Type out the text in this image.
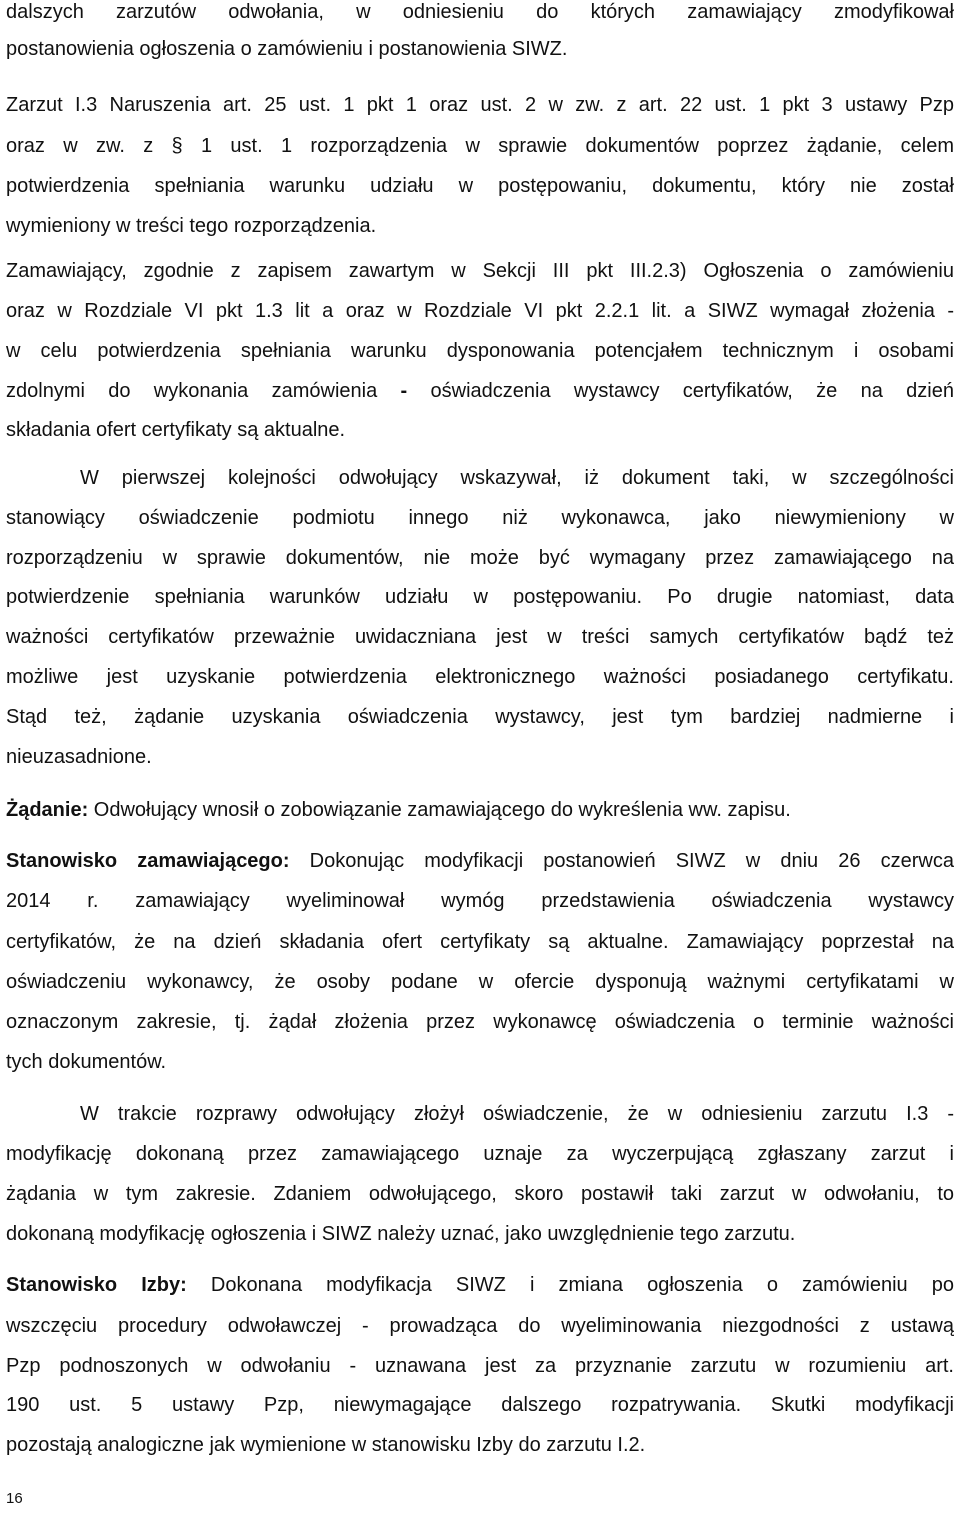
dalszych zarzutów odwołania, w odniesieniu do których zamawiający zmodyfikował
postanowienia ogłoszenia o zamówieniu i postanowienia SIWZ.
Zarzut I.3 Naruszenia art. 25 ust. 1 pkt 1 oraz ust. 2 w zw. z art. 22 ust. 1 pkt 3 ustawy Pzp
oraz w zw. z § 1 ust. 1 rozporządzenia w sprawie dokumentów poprzez żądanie, celem
potwierdzenia spełniania warunku udziału w postępowaniu, dokumentu, który nie został
wymieniony w treści tego rozporządzenia.
Zamawiający, zgodnie z zapisem zawartym w Sekcji III pkt III.2.3) Ogłoszenia o zamówieniu
oraz w Rozdziale VI pkt 1.3 lit a oraz w Rozdziale VI pkt 2.2.1 lit. a SIWZ wymagał złożenia -
w celu potwierdzenia spełniania warunku dysponowania potencjałem technicznym i osobami
zdolnymi do wykonania zamówienia - oświadczenia wystawcy certyfikatów, że na dzień
składania ofert certyfikaty są aktualne.
W pierwszej kolejności odwołujący wskazywał, iż dokument taki, w szczególności
stanowiący oświadczenie podmiotu innego niż wykonawca, jako niewymieniony w
rozporządzeniu w sprawie dokumentów, nie może być wymagany przez zamawiającego na
potwierdzenie spełniania warunków udziału w postępowaniu. Po drugie natomiast, data
ważności certyfikatów przeważnie uwidaczniana jest w treści samych certyfikatów bądź też
możliwe jest uzyskanie potwierdzenia elektronicznego ważności posiadanego certyfikatu.
Stąd też, żądanie uzyskania oświadczenia wystawcy, jest tym bardziej nadmierne i
nieuzasadnione.
Żądanie: Odwołujący wnosił o zobowiązanie zamawiającego do wykreślenia ww. zapisu.
Stanowisko zamawiającego: Dokonując modyfikacji postanowień SIWZ w dniu 26 czerwca
2014 r. zamawiający wyeliminował wymóg przedstawienia oświadczenia wystawcy
certyfikatów, że na dzień składania ofert certyfikaty są aktualne. Zamawiający poprzestał na
oświadczeniu wykonawcy, że osoby podane w ofercie dysponują ważnymi certyfikatami w
oznaczonym zakresie, tj. żądał złożenia przez wykonawcę oświadczenia o terminie ważności
tych dokumentów.
W trakcie rozprawy odwołujący złożył oświadczenie, że w odniesieniu zarzutu I.3 -
modyfikację dokonaną przez zamawiającego uznaje za wyczerpującą zgłaszany zarzut i
żądania w tym zakresie. Zdaniem odwołującego, skoro postawił taki zarzut w odwołaniu, to
dokonaną modyfikację ogłoszenia i SIWZ należy uznać, jako uwzględnienie tego zarzutu.
Stanowisko Izby: Dokonana modyfikacja SIWZ i zmiana ogłoszenia o zamówieniu po
wszczęciu procedury odwoławczej - prowadząca do wyeliminowania niezgodności z ustawą
Pzp podnoszonych w odwołaniu - uznawana jest za przyznanie zarzutu w rozumieniu art.
190 ust. 5 ustawy Pzp, niewymagające dalszego rozpatrywania. Skutki modyfikacji
pozostają analogiczne jak wymienione w stanowisku Izby do zarzutu I.2.
16
